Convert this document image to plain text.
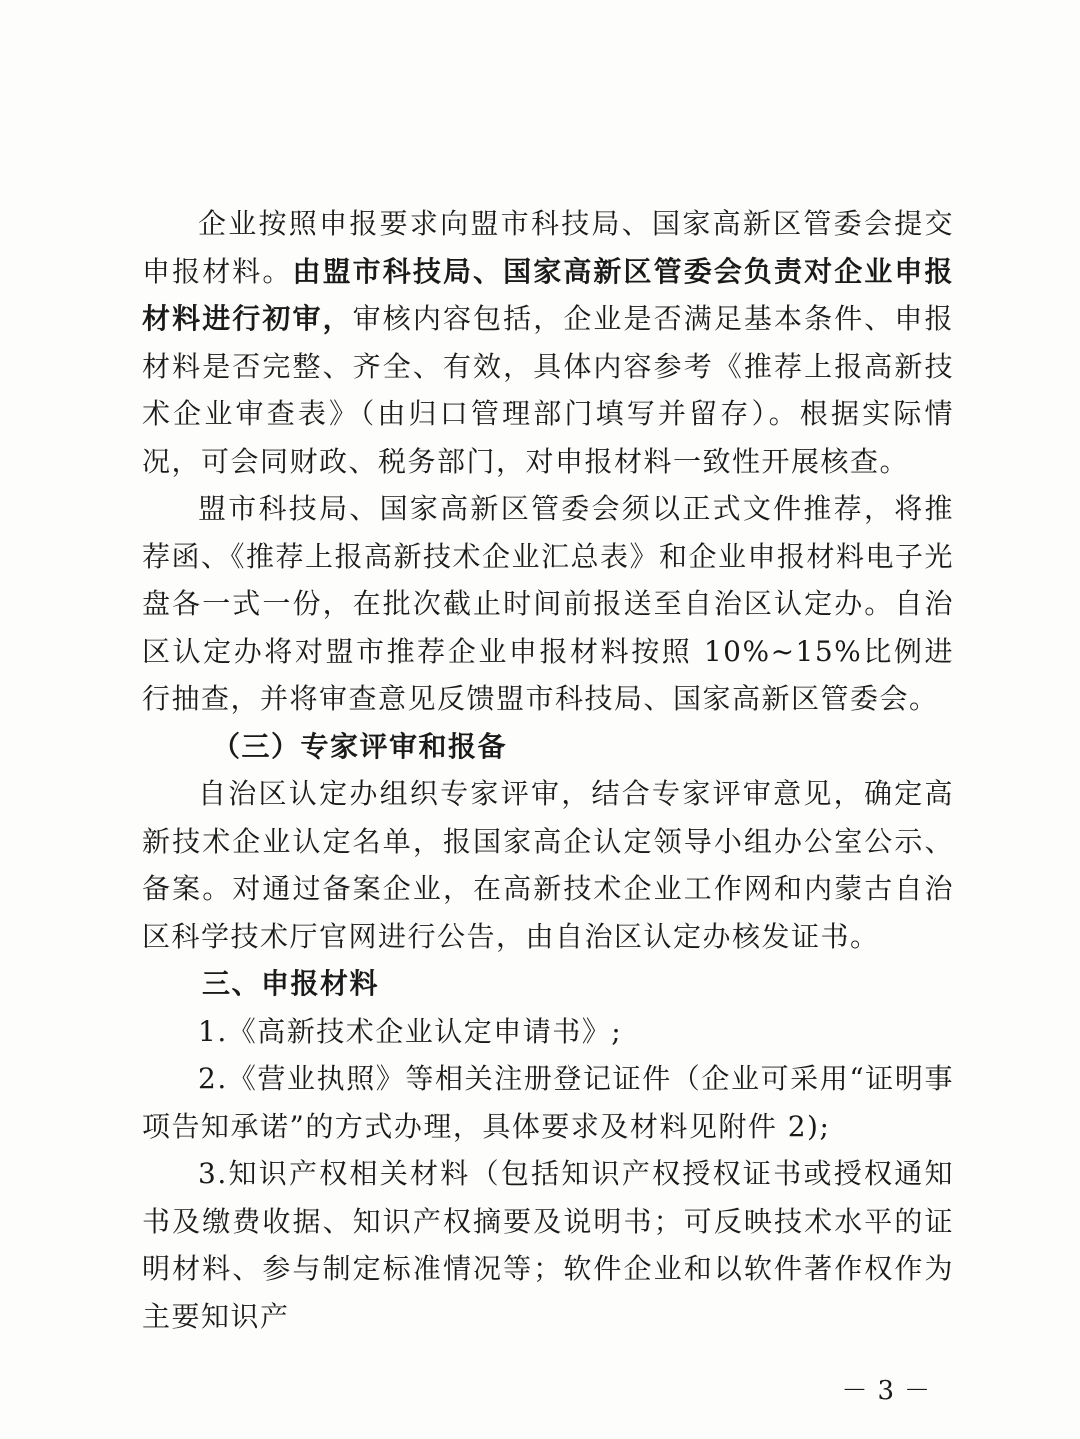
企业按照申报要求向盟市科技局、国家高新区管委会提交申报材料。由盟市科技局、国家高新区管委会负责对企业申报材料进行初审，审核内容包括，企业是否满足基本条件、申报材料是否完整、齐全、有效，具体内容参考《推荐上报高新技术企业审查表》（由归口管理部门填写并留存）。根据实际情况，可会同财政、税务部门，对申报材料一致性开展核查。

盟市科技局、国家高新区管委会须以正式文件推荐，将推荐函、《推荐上报高新技术企业汇总表》和企业申报材料电子光盘各一式一份，在批次截止时间前报送至自治区认定办。自治区认定办将对盟市推荐企业申报材料按照 10%~15%比例进行抽查，并将审查意见反馈盟市科技局、国家高新区管委会。

（三）专家评审和报备

自治区认定办组织专家评审，结合专家评审意见，确定高新技术企业认定名单，报国家高企认定领导小组办公室公示、备案。对通过备案企业，在高新技术企业工作网和内蒙古自治区科学技术厅官网进行公告，由自治区认定办核发证书。

三、申报材料

1.《高新技术企业认定申请书》;

2.《营业执照》等相关注册登记证件（企业可采用“证明事项告知承诺”的方式办理，具体要求及材料见附件 2);

3.知识产权相关材料（包括知识产权授权证书或授权通知书及缴费收据、知识产权摘要及说明书；可反映技术水平的证明材料、参与制定标准情况等；软件企业和以软件著作权作为主要知识产

－3－
